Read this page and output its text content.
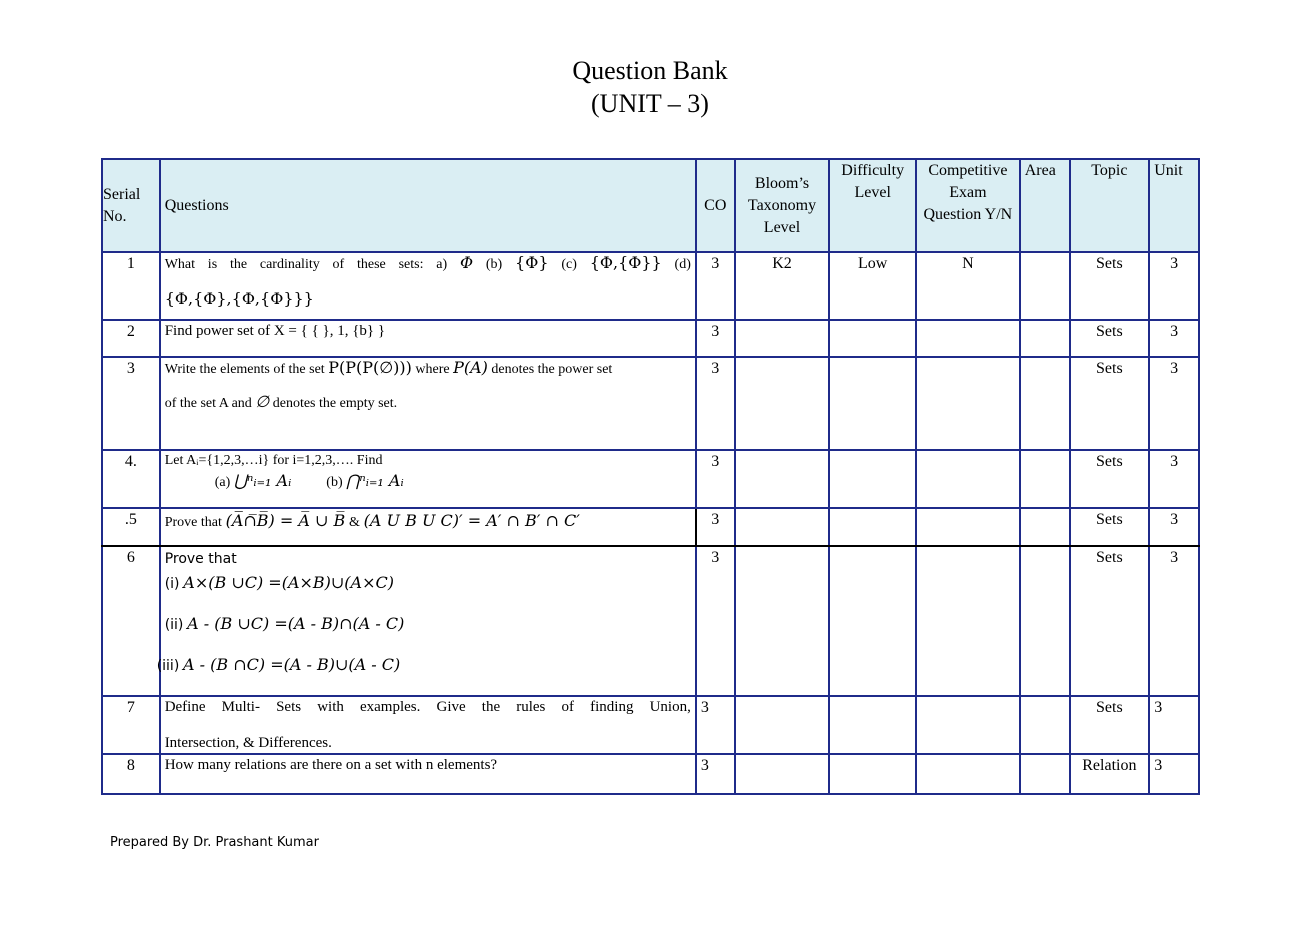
Question Bank
(UNIT – 3)
Serial No.	Questions	CO	Bloom’s Taxonomy Level	Difficulty Level	Competitive Exam Question Y/N	Area	Topic	Unit
1	What is the cardinality of these sets: a) Φ (b) {Φ} (c) {Φ,{Φ}} (d)
{Φ,{Φ},{Φ,{Φ}}}	3	K2	Low	N		Sets	3
2	Find power set of X = { { }, 1, {b} }	3					Sets	3
3	Write the elements of the set P(P(P(∅))) where P(A) denotes the power set
of the set A and ∅ denotes the empty set.	3					Sets	3
4.	Let Aᵢ={1,2,3,…i} for i=1,2,3,…. Find
(a) ⋃ⁿᵢ₌₁ Aᵢ (b) ⋂ⁿᵢ₌₁ Aᵢ	3					Sets	3
.5	Prove that (A̅̅∩̅B̅) = A̅ ∪ B̅ & (A U B U C)′ = A′ ∩ B′ ∩ C′	3					Sets	3
6	Prove that
(i) A×(B ∪C) =(A×B)∪(A×C)
(ii) A - (B ∪C) =(A - B)∩(A - C)
(iii) A - (B ∩C) =(A - B)∪(A - C)	3					Sets	3
7	Define Multi- Sets with examples. Give the rules of finding Union,
Intersection, & Differences.	3					Sets	3
8	How many relations are there on a set with n elements?	3					Relation	3
Prepared By Dr. Prashant Kumar
